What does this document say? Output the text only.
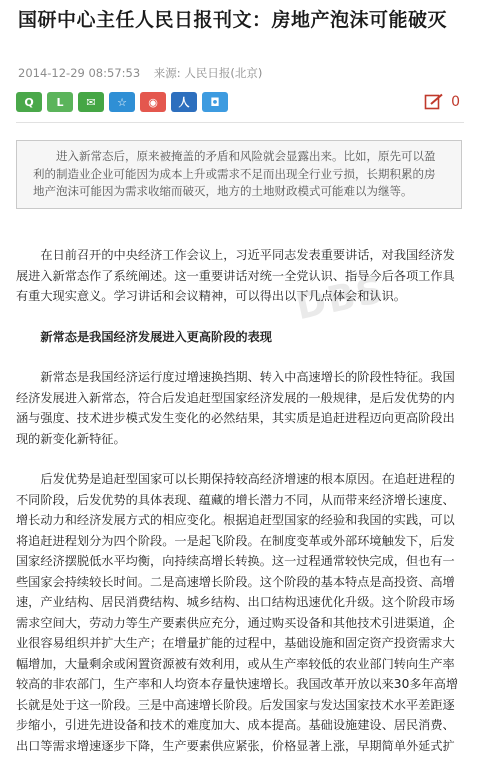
国研中心主任人民日报刊文：房地产泡沫可能破灭
2014-12-29 08:57:53 来源: 人民日报(北京)
Q L ✉ ☆ ◉ 人 ◘	0
进入新常态后，原来被掩盖的矛盾和风险就会显露出来。比如，原先可以盈利的制造业企业可能因为成本上升或需求不足而出现全行业亏损，长期积累的房地产泡沫可能因为需求收缩而破灭，地方的土地财政模式可能难以为继等。
DBS

在日前召开的中央经济工作会议上，习近平同志发表重要讲话，对我国经济发展进入新常态作了系统阐述。这一重要讲话对统一全党认识、指导今后各项工作具有重大现实意义。学习讲话和会议精神，可以得出以下几点体会和认识。

新常态是我国经济发展进入更高阶段的表现

新常态是我国经济运行度过增速换挡期、转入中高速增长的阶段性特征。我国经济发展进入新常态，符合后发追赶型国家经济发展的一般规律，是后发优势的内涵与强度、技术进步模式发生变化的必然结果，其实质是追赶进程迈向更高阶段出现的新变化新特征。

后发优势是追赶型国家可以长期保持较高经济增速的根本原因。在追赶进程的不同阶段，后发优势的具体表现、蕴藏的增长潜力不同，从而带来经济增长速度、增长动力和经济发展方式的相应变化。根据追赶型国家的经验和我国的实践，可以将追赶进程划分为四个阶段。一是起飞阶段。在制度变革或外部环境触发下，后发国家经济摆脱低水平均衡，向持续高增长转换。这一过程通常较快完成，但也有一些国家会持续较长时间。二是高速增长阶段。这个阶段的基本特点是高投资、高增速，产业结构、居民消费结构、城乡结构、出口结构迅速优化升级。这个阶段市场需求空间大，劳动力等生产要素供应充分，通过购买设备和其他技术引进渠道，企业很容易组织并扩大生产；在增量扩能的过程中，基础设施和固定资产投资需求大幅增加，大量剩余或闲置资源被有效利用，或从生产率较低的农业部门转向生产率较高的非农部门，生产率和人均资本存量快速增长。我国改革开放以来30多年高增长就是处于这一阶段。三是中高速增长阶段。后发国家与发达国家技术水平差距逐步缩小，引进先进设备和技术的难度加大、成本提高。基础设施建设、居民消费、出口等需求增速逐步下降，生产要素供应紧张，价格显著上涨，早期简单外延式扩
